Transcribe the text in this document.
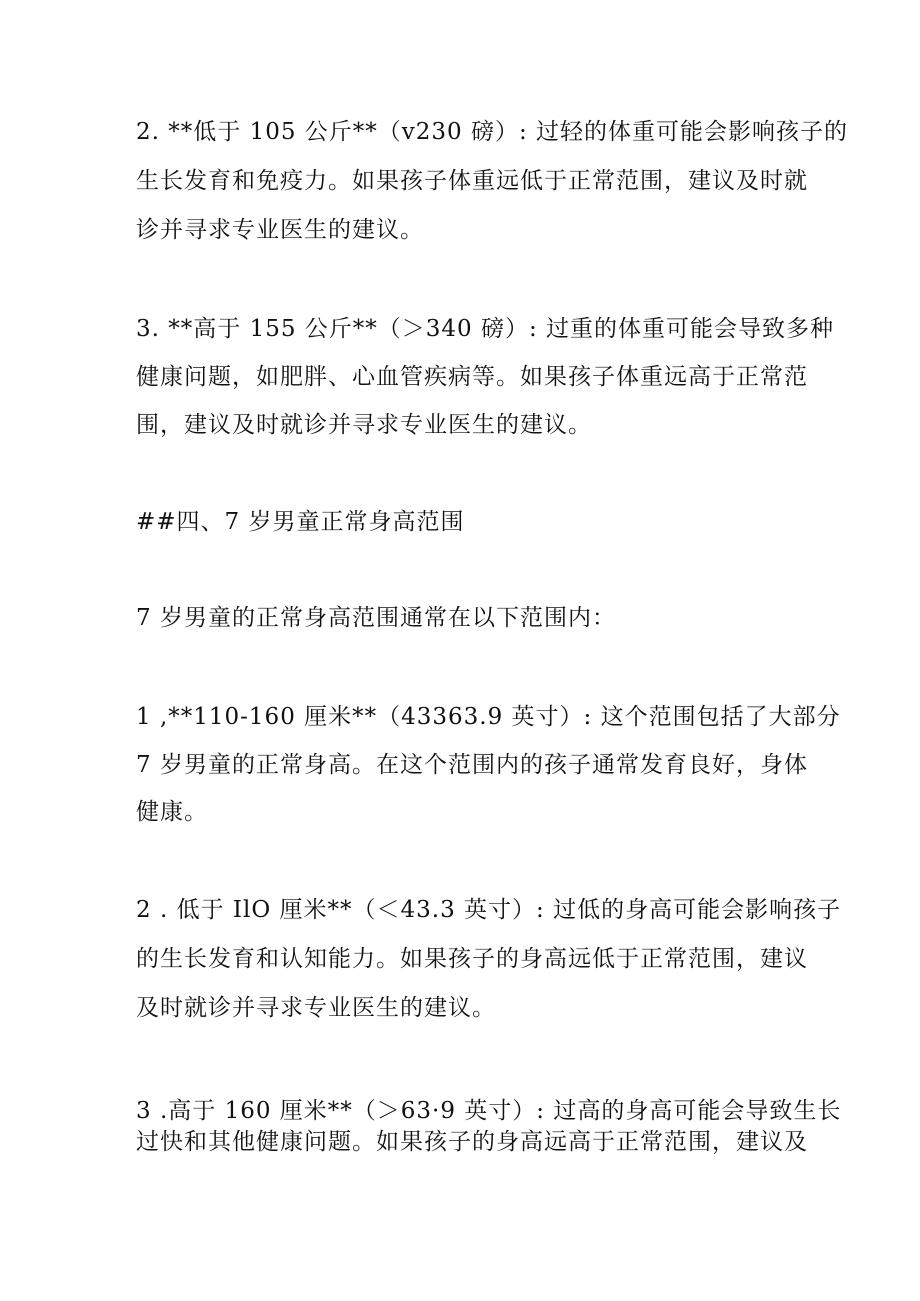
2. **低于 105 公斤**（v230 磅）: 过轻的体重可能会影响孩子的
生长发育和免疫力。如果孩子体重远低于正常范围，建议及时就
诊并寻求专业医生的建议。
3. **高于 155 公斤**（＞340 磅）: 过重的体重可能会导致多种
健康问题，如肥胖、心血管疾病等。如果孩子体重远高于正常范
围，建议及时就诊并寻求专业医生的建议。
##四、7 岁男童正常身高范围
7 岁男童的正常身高范围通常在以下范围内：
1 ,**110-160 厘米**（43363.9 英寸）: 这个范围包括了大部分
7 岁男童的正常身高。在这个范围内的孩子通常发育良好，身体
健康。
2 . 低于 IlO 厘米**（＜43.3 英寸）: 过低的身高可能会影响孩子
的生长发育和认知能力。如果孩子的身高远低于正常范围，建议
及时就诊并寻求专业医生的建议。
3 .高于 160 厘米**（＞63·9 英寸）: 过高的身高可能会导致生长
过快和其他健康问题。如果孩子的身高远高于正常范围，建议及
